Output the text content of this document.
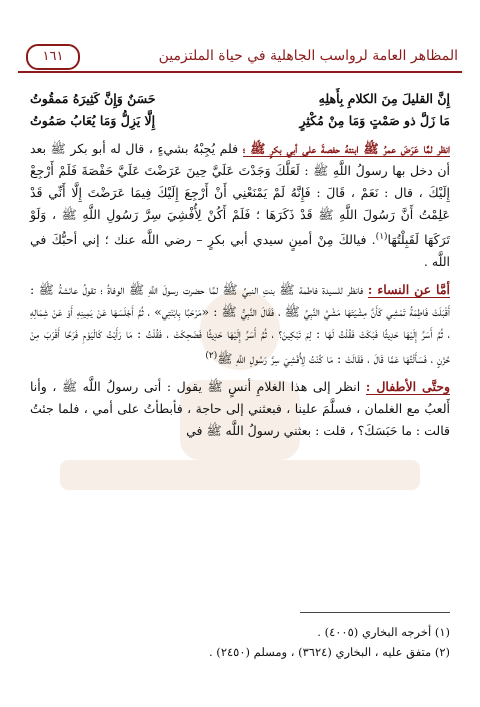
المظاهر العامة لرواسب الجاهلية في حياة الملتزمين
١٦١
إِنَّ القليلَ مِنَ الكلامِ بِأَهلِهِ
حَسَنٌ وَإِنَّ كَثِيرَهُ مَمقُوتُ
مَا زَلَّ ذو صَمْتٍ وَمَا مِنْ مُكْثِرٍ
إِلَّا يَزِلُّ وَمَا يُعَابُ صَمُوتُ
انظر لمَّا عَرَضَ عمرُ ﷺ ابنتهُ حفصةَ على أبي بكرٍ ﷺ ؛ فلم يُجِبْهُ بشيءٍ ، قال له أبو بكر ﷺ بعد أن دخل بها رسولُ اللَّهِ ﷺ : لَعَلَّكَ وَجَدْتَ عَلَيَّ حِينَ عَرَضْتَ عَلَيَّ حَفْصَةَ فَلَمْ أَرْجِعْ إِلَيْكَ ، قال : نَعَمْ ، قَالَ : فَإِنَّهُ لَمْ يَمْنَعْنِي أَنْ أَرْجِعَ إِلَيْكَ فِيمَا عَرَضْتَ إِلَّا أَنِّي قَدْ عَلِمْتُ أَنَّ رَسُولَ اللَّهِ ﷺ قَدْ ذَكَرَهَا ؛ فَلَمْ أَكُنْ لِأُفْشِيَ سِرَّ رَسُولِ اللَّهِ ﷺ ، وَلَوْ تَرَكَهَا لَقَبِلْتُهَا$^{(١)}$. فيالكَ مِنْ أمينٍ سيدي أبي بكرٍ – رضي اللَّه عنك ؛ إني أحبُّكَ في اللَّه .
أمَّا عن النساء : فانظر للسيدة فاطمة ﷺ بنتِ النبيِّ ﷺ لمَّا حضرت رسولَ اللَّهِ ﷺ الوفاةُ ؛ تقولُ عائشةُ ﷺ : أَقْبَلَتْ فَاطِمَةُ تَمْشِي كَأَنَّ مِشْيَتَهَا مَشْيُ النَّبِيِّ ﷺ ، فَقَالَ النَّبِيُّ ﷺ : «مَرْحَبًا بِابْنَتِي» ، ثُمَّ أَجْلَسَهَا عَنْ يَمِينِهِ أَوْ عَنْ شِمَالِهِ ، ثُمَّ أَسَرَّ إِلَيْهَا حَدِيثًا فَبَكَتْ فَقُلْتُ لَهَا : لِمَ تَبْكِينَ؟ ، ثُمَّ أَسَرَّ إِلَيْهَا حَدِيثًا فَضَحِكَتْ ، فَقُلْتُ : مَا رَأَيْتُ كَالْيَوْمِ فَرَحًا أَقْرَبَ مِنْ حُزْنٍ ، فَسَأَلْتُهَا عَمَّا قَالَ ، فَقَالَتْ : مَا كُنْتُ لِأُفْشِيَ سِرَّ رَسُولِ اللَّهِ ﷺ$^{(٢)}$
وحتَّى الأطفال : انظر إلى هذا الغلامِ أنسٍ ﷺ يقول : أتى رسولُ اللَّه ﷺ ، وأنا أَلعبُ مع الغلمان ، فسلَّمَ علينا ، فبعثني إلى حاجة ، فأبطأتُ على أمي ، فلما جئتُ قالت : ما حَبَسَكَ؟ ، قلت : بعثني رسولُ اللَّه ﷺ في
(١) أخرجه البخاري (٤٠٠٥) .
(٢) متفق عليه ، البخاري (٣٦٢٤) ، ومسلم (٢٤٥٠) .
